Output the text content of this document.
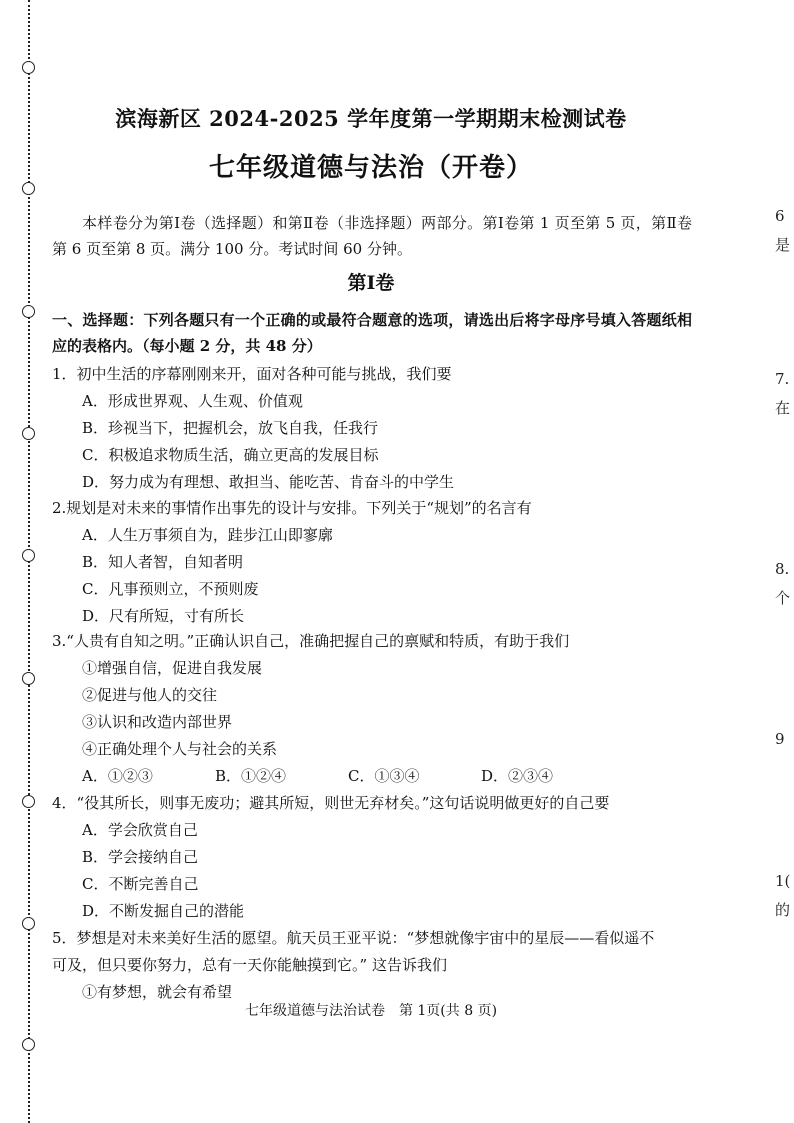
6
是
7.
在
8.
个
9
1(
的
滨海新区 2024-2025 学年度第一学期期末检测试卷
七年级道德与法治（开卷）
本样卷分为第Ⅰ卷（选择题）和第Ⅱ卷（非选择题）两部分。第Ⅰ卷第 1 页至第 5 页，第Ⅱ卷第 6 页至第 8 页。满分 100 分。考试时间 60 分钟。
第Ⅰ卷
一、选择题：下列各题只有一个正确的或最符合题意的选项，请选出后将字母序号填入答题纸相应的表格内。（每小题 2 分，共 48 分）
1．初中生活的序幕刚刚来开，面对各种可能与挑战，我们要
A．形成世界观、人生观、价值观
B．珍视当下，把握机会，放飞自我，任我行
C．积极追求物质生活，确立更高的发展目标
D．努力成为有理想、敢担当、能吃苦、肯奋斗的中学生
2.规划是对未来的事情作出事先的设计与安排。下列关于“规划”的名言有
A．人生万事须自为，跬步江山即寥廓
B．知人者智，自知者明
C．凡事预则立，不预则废
D．尺有所短，寸有所长
3.“人贵有自知之明。”正确认识自己，准确把握自己的禀赋和特质，有助于我们
①增强自信，促进自我发展
②促进与他人的交往
③认识和改造内部世界
④正确处理个人与社会的关系
A．①②③	B．①②④	C．①③④	D．②③④
4．“役其所长，则事无废功；避其所短，则世无弃材矣。”这句话说明做更好的自己要
A．学会欣赏自己
B．学会接纳自己
C．不断完善自己
D．不断发掘自己的潜能
5．梦想是对未来美好生活的愿望。航天员王亚平说：“梦想就像宇宙中的星辰——看似遥不
可及，但只要你努力，总有一天你能触摸到它。” 这告诉我们
①有梦想，就会有希望
七年级道德与法治试卷　第 1页(共 8 页)
